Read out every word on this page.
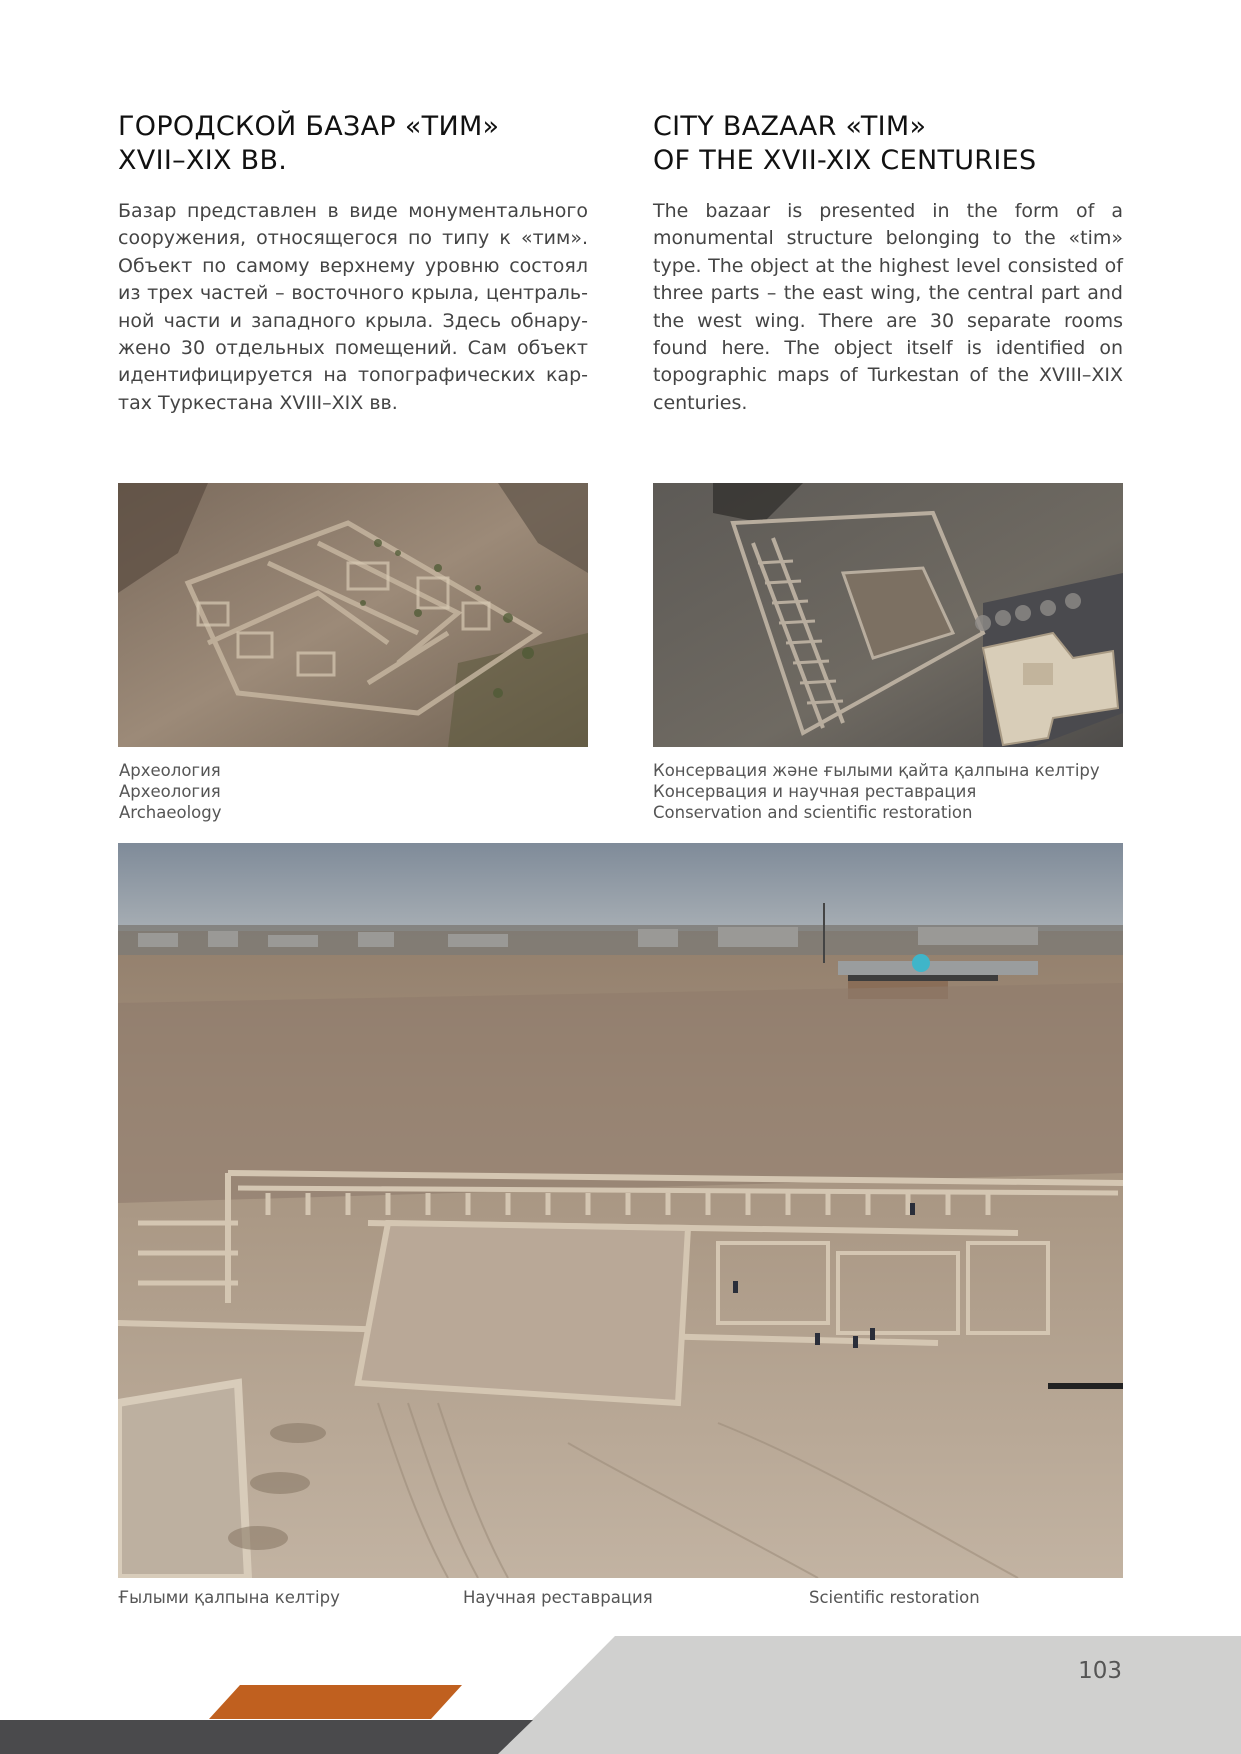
ГОРОДСКОЙ БАЗАР «ТИМ»
XVII–XIX ВВ.

Базар представлен в виде монументального сооружения, относящегося по типу к «тим». Объект по самому верхнему уровню состоял из трех частей – восточного крыла, центральной части и западного крыла. Здесь обнаружено 30 отдельных помещений. Сам объект идентифицируется на топографических картах Туркестана XVIII–XIX вв.

CITY BAZAAR «TIM»
OF THE XVII-XIX CENTURIES

The bazaar is presented in the form of a monumental structure belonging to the «tim» type. The object at the highest level consisted of three parts – the east wing, the central part and the west wing. There are 30 separate rooms found here. The object itself is identified on topographic maps of Turkestan of the XVIII–XIX centuries.

Археология
Археология
Archaeology
Консервация және ғылыми қайта қалпына келтіру
Консервация и научная реставрация
Conservation and scientific restoration
Ғылыми қалпына келтіру	Научная реставрация	Scientific restoration
103
